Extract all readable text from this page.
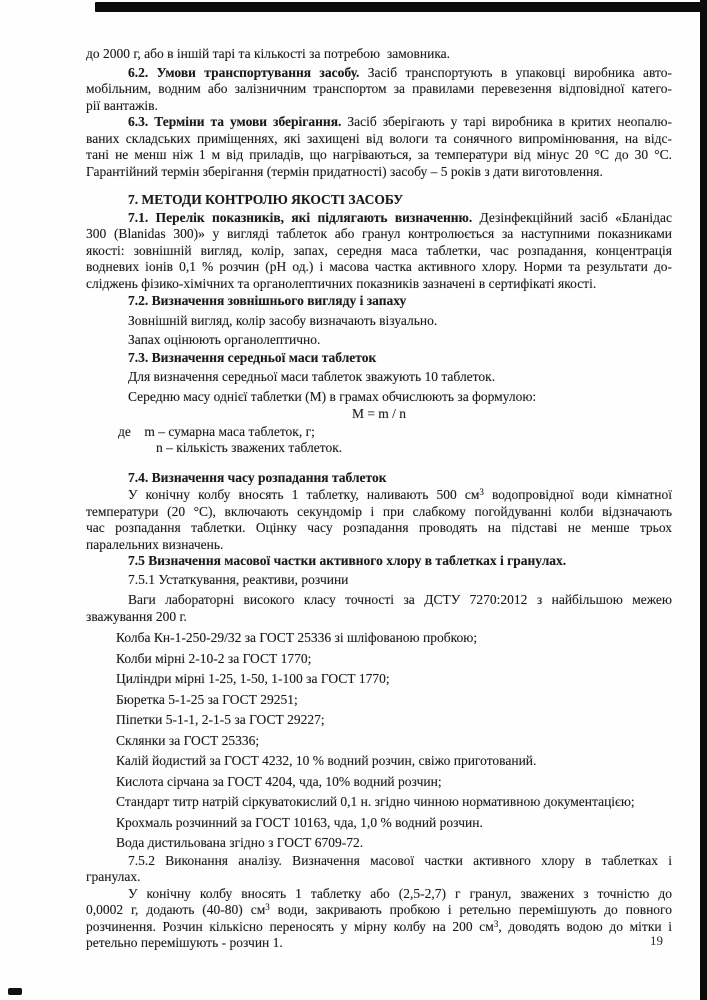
до 2000 г, або в іншій тарі та кількості за потребою  замовника.
6.2. Умови транспортування засобу. Засіб транспортують в упаковці виробника авто-
мобільним, водним або залізничним транспортом за правилами перевезення відповідної катего-
рії вантажів.
6.3. Терміни та умови зберігання. Засіб зберігають у тарі виробника в критих неопалю-
ваних складських приміщеннях, які захищені від вологи та сонячного випромінювання, на відс-
тані не менш ніж 1 м від приладів, що нагріваються, за температури від мінус 20 °С до 30 °С.
Гарантійний термін зберігання (термін придатності) засобу – 5 років з дати виготовлення.
7. МЕТОДИ КОНТРОЛЮ ЯКОСТІ ЗАСОБУ
7.1. Перелік показників, які підлягають визначенню. Дезінфекційний засіб «Бланідас
300 (Blanidas 300)» у вигляді таблеток або гранул контролюється за наступними показниками
якості: зовнішній вигляд, колір, запах, середня маса таблетки, час розпадання, концентрація
водневих іонів 0,1 % розчин (рН од.) і масова частка активного хлору. Норми та результати до-
сліджень фізико-хімічних та органолептичних показників зазначені в сертифікаті якості.
7.2. Визначення зовнішнього вигляду і запаху
Зовнішній вигляд, колір засобу визначають візуально.
Запах оцінюють органолептично.
7.3. Визначення середньої маси таблеток
Для визначення середньої маси таблеток зважують 10 таблеток.
Середню масу однієї таблетки (М) в грамах обчислюють за формулою:
М = m / n
де    m – сумарна маса таблеток, г;
n – кількість зважених таблеток.
7.4. Визначення часу розпадання таблеток
У конічну колбу вносять 1 таблетку, наливають 500 $см^3$ водопровідної води кімнатної
температури (20 °С), включають секундомір і при слабкому погойдуванні колби відзначають
час розпадання таблетки. Оцінку часу розпадання проводять на підставі не менше трьох
паралельних визначень.
7.5 Визначення масової частки активного хлору в таблетках і гранулах.
7.5.1 Устаткування, реактиви, розчини
Ваги лабораторні високого класу точності за ДСТУ 7270:2012 з найбільшою межею
зважування 200 г.
Колба Кн-1-250-29/32 за ГОСТ 25336 зі шліфованою пробкою;
Колби мірні 2-10-2 за ГОСТ 1770;
Циліндри мірні 1-25, 1-50, 1-100 за ГОСТ 1770;
Бюретка 5-1-25 за ГОСТ 29251;
Піпетки 5-1-1, 2-1-5 за ГОСТ 29227;
Склянки за ГОСТ 25336;
Калій йодистий за ГОСТ 4232, 10 % водний розчин, свіжо приготований.
Кислота сірчана за ГОСТ 4204, чда, 10% водний розчин;
Стандарт титр натрій сіркуватокислий 0,1 н. згідно чинною нормативною документацією;
Крохмаль розчинний за ГОСТ 10163, чда, 1,0 % водний розчин.
Вода дистильована згідно з ГОСТ 6709-72.
7.5.2 Виконання аналізу. Визначення масової частки активного хлору в таблетках і
гранулах.
У конічну колбу вносять 1 таблетку або (2,5-2,7) г гранул, зважених з точністю до
0,0002 г, додають (40-80) $см^3$ води, закривають пробкою і ретельно перемішують до повного
розчинення. Розчин кількісно переносять у мірну колбу на 200 $см^3$, доводять водою до мітки і
ретельно перемішують - розчин 1.	19
